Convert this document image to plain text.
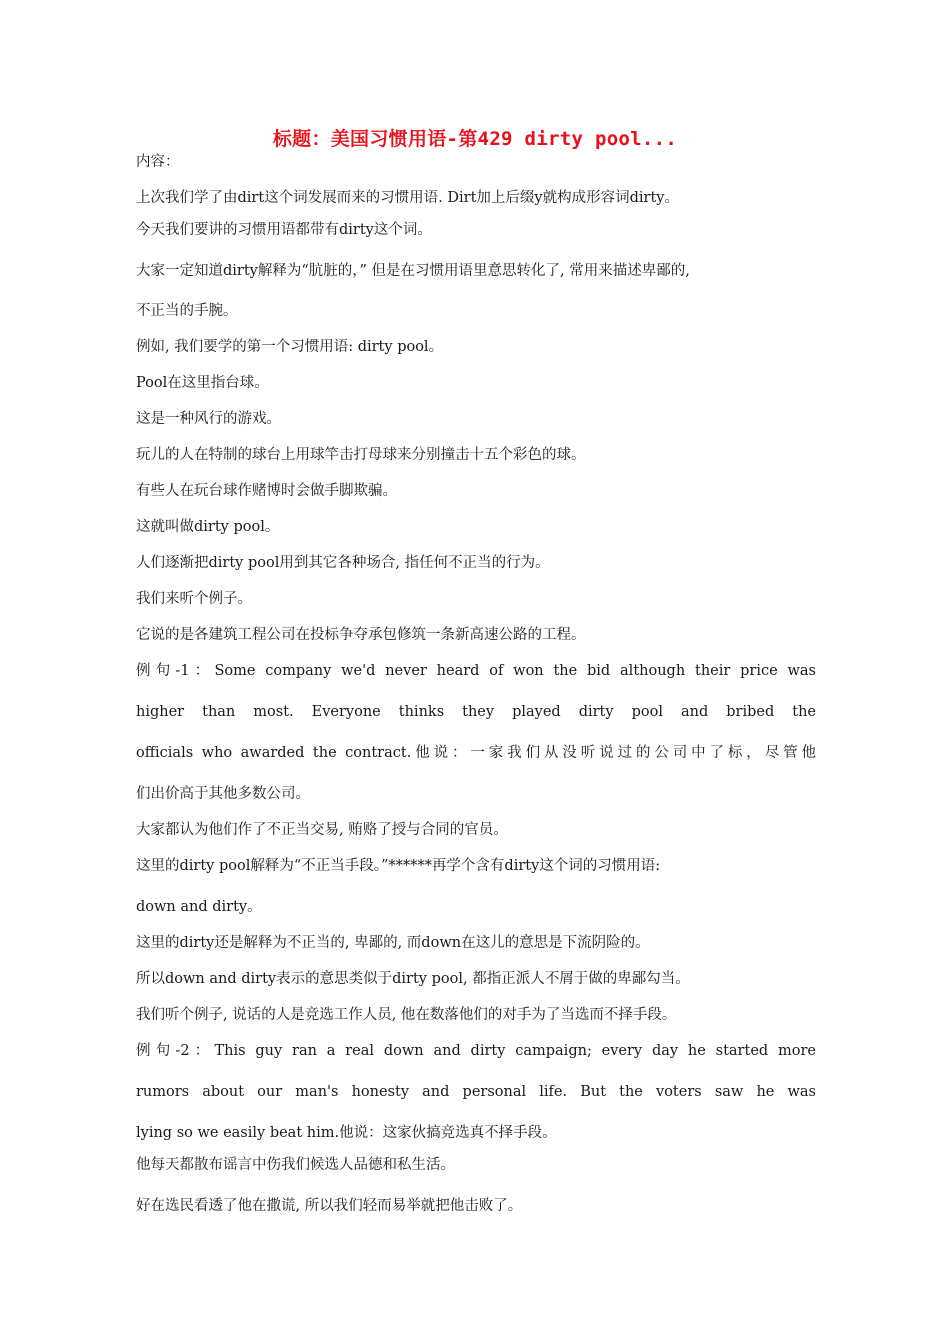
标题：美国习惯用语-第429 dirty pool...
内容：
上次我们学了由dirt这个词发展而来的习惯用语. Dirt加上后缀y就构成形容词dirty。
今天我们要讲的习惯用语都带有dirty这个词。
大家一定知道dirty解释为“肮脏的，” 但是在习惯用语里意思转化了, 常用来描述卑鄙的,
不正当的手腕。
例如, 我们要学的第一个习惯用语: dirty pool。
Pool在这里指台球。
这是一种风行的游戏。
玩儿的人在特制的球台上用球竿击打母球来分别撞击十五个彩色的球。
有些人在玩台球作赌博时会做手脚欺骗。
这就叫做dirty pool。
人们逐渐把dirty pool用到其它各种场合, 指任何不正当的行为。
我们来听个例子。
它说的是各建筑工程公司在投标争夺承包修筑一条新高速公路的工程。
例句-1：Some company we'd never heard of won the bid although their price was
higher than most. Everyone thinks they played dirty pool and bribed the
officials who awarded the contract.他说：一家我们从没听说过的公司中了标，尽管他
们出价高于其他多数公司。
大家都认为他们作了不正当交易, 贿赂了授与合同的官员。
这里的dirty pool解释为“不正当手段。”******再学个含有dirty这个词的习惯用语:
down and dirty。
这里的dirty还是解释为不正当的, 卑鄙的, 而down在这儿的意思是下流阴险的。
所以down and dirty表示的意思类似于dirty pool, 都指正派人不屑于做的卑鄙勾当。
我们听个例子, 说话的人是竞选工作人员, 他在数落他们的对手为了当选而不择手段。
例句-2：This guy ran a real down and dirty campaign; every day he started more
rumors about our man's honesty and personal life. But the voters saw he was
lying so we easily beat him.他说：这家伙搞竞选真不择手段。
他每天都散布谣言中伤我们候选人品德和私生活。
好在选民看透了他在撒谎, 所以我们轻而易举就把他击败了。
